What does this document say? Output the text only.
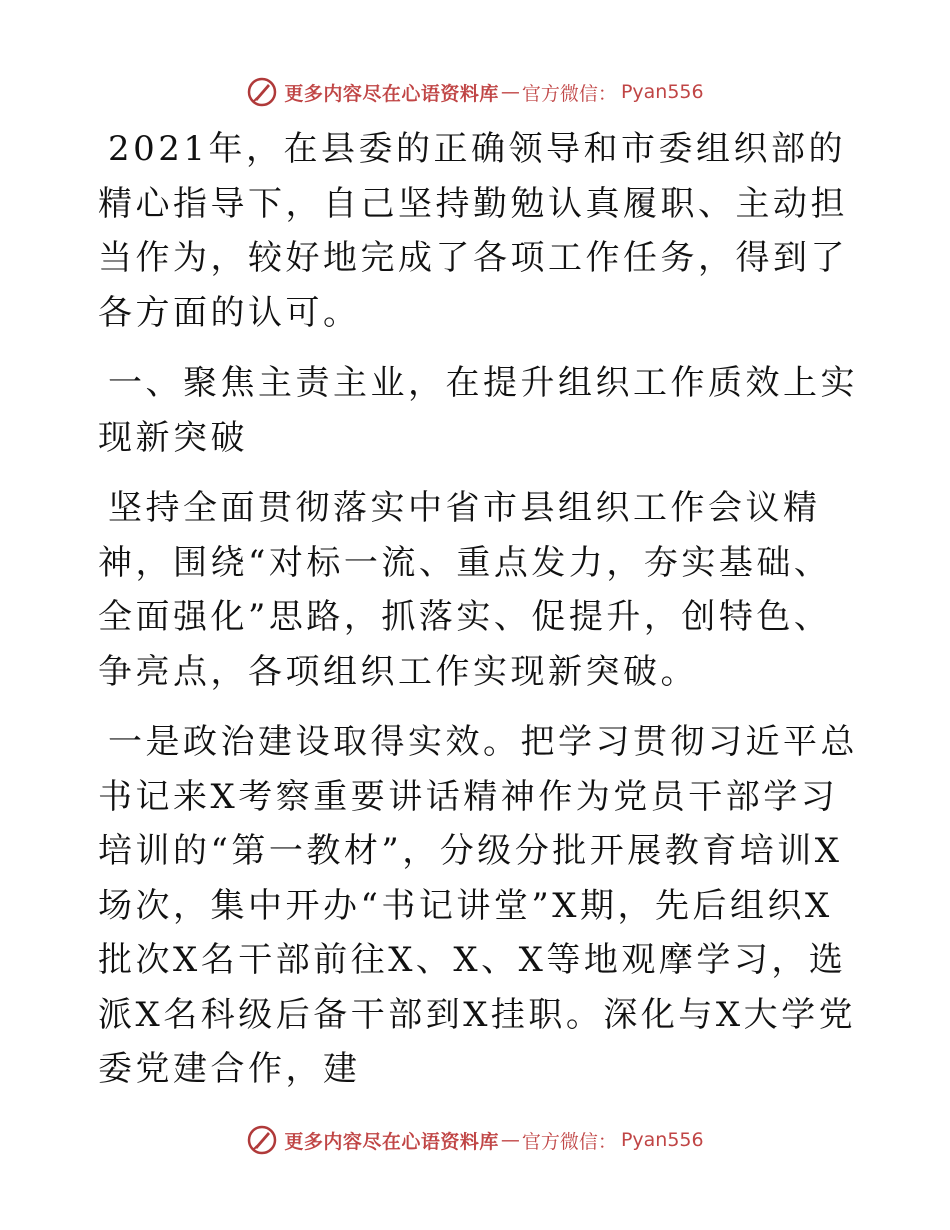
更多内容尽在心语资料库 — 官方微信： Pyan556

2021年，在县委的正确领导和市委组织部的精心指导下，自己坚持勤勉认真履职、主动担当作为，较好地完成了各项工作任务，得到了各方面的认可。

一、聚焦主责主业，在提升组织工作质效上实现新突破

坚持全面贯彻落实中省市县组织工作会议精神，围绕“对标一流、重点发力，夯实基础、全面强化”思路，抓落实、促提升，创特色、争亮点，各项组织工作实现新突破。

一是政治建设取得实效。把学习贯彻习近平总书记来X考察重要讲话精神作为党员干部学习培训的“第一教材”，分级分批开展教育培训X场次，集中开办“书记讲堂”X期，先后组织X批次X名干部前往X、X、X等地观摩学习，选派X名科级后备干部到X挂职。深化与X大学党委党建合作，建

更多内容尽在心语资料库 — 官方微信： Pyan556
